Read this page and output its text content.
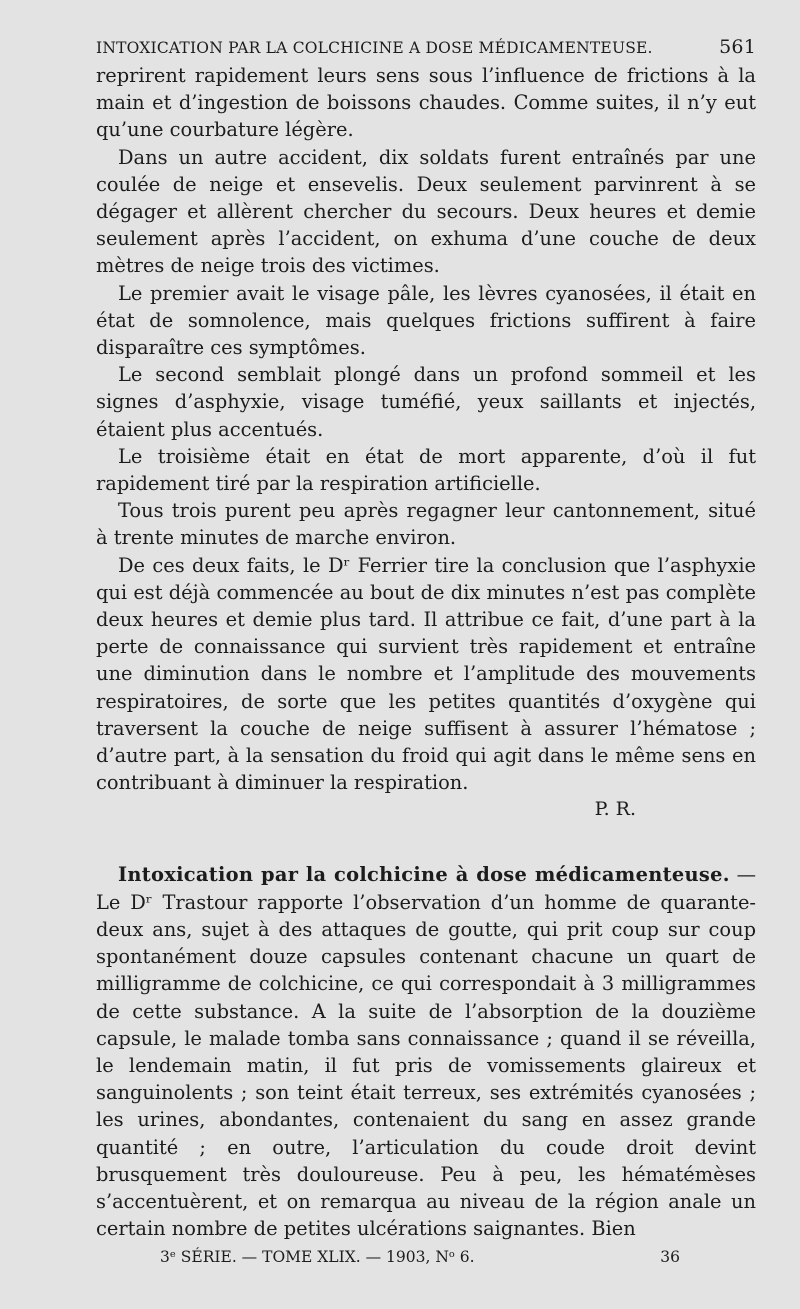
INTOXICATION PAR LA COLCHICINE A DOSE MÉDICAMENTEUSE.	561

reprirent rapidement leurs sens sous l’influence de frictions à la main et d’ingestion de boissons chaudes. Comme suites, il n’y eut qu’une courbature légère.

Dans un autre accident, dix soldats furent entraînés par une coulée de neige et ensevelis. Deux seulement parvinrent à se dégager et allèrent chercher du secours. Deux heures et demie seulement après l’accident, on exhuma d’une couche de deux mètres de neige trois des victimes.

Le premier avait le visage pâle, les lèvres cyanosées, il était en état de somnolence, mais quelques frictions suffirent à faire disparaître ces symptômes.

Le second semblait plongé dans un profond sommeil et les signes d’asphyxie, visage tuméfié, yeux saillants et injectés, étaient plus accentués.

Le troisième était en état de mort apparente, d’où il fut rapidement tiré par la respiration artificielle.

Tous trois purent peu après regagner leur cantonnement, situé à trente minutes de marche environ.

De ces deux faits, le Dʳ Ferrier tire la conclusion que l’asphyxie qui est déjà commencée au bout de dix minutes n’est pas complète deux heures et demie plus tard. Il attribue ce fait, d’une part à la perte de connaissance qui survient très rapidement et entraîne une diminution dans le nombre et l’amplitude des mouvements respiratoires, de sorte que les petites quantités d’oxygène qui traversent la couche de neige suffisent à assurer l’hématose ; d’autre part, à la sensation du froid qui agit dans le même sens en contribuant à diminuer la respiration.

P. R.

Intoxication par la colchicine à dose médicamenteuse. — Le Dʳ Trastour rapporte l’observation d’un homme de quarante-deux ans, sujet à des attaques de goutte, qui prit coup sur coup spontanément douze capsules contenant chacune un quart de milligramme de colchicine, ce qui correspondait à 3 milligrammes de cette substance. A la suite de l’absorption de la douzième capsule, le malade tomba sans connaissance ; quand il se réveilla, le lendemain matin, il fut pris de vomissements glaireux et sanguinolents ; son teint était terreux, ses extrémités cyanosées ; les urines, abondantes, contenaient du sang en assez grande quantité ; en outre, l’articulation du coude droit devint brusquement très douloureuse. Peu à peu, les hématémèses s’accentuèrent, et on remarqua au niveau de la région anale un certain nombre de petites ulcérations saignantes. Bien

3ᵉ SÉRIE. — TOME XLIX. — 1903, Nᵒ 6.	36
